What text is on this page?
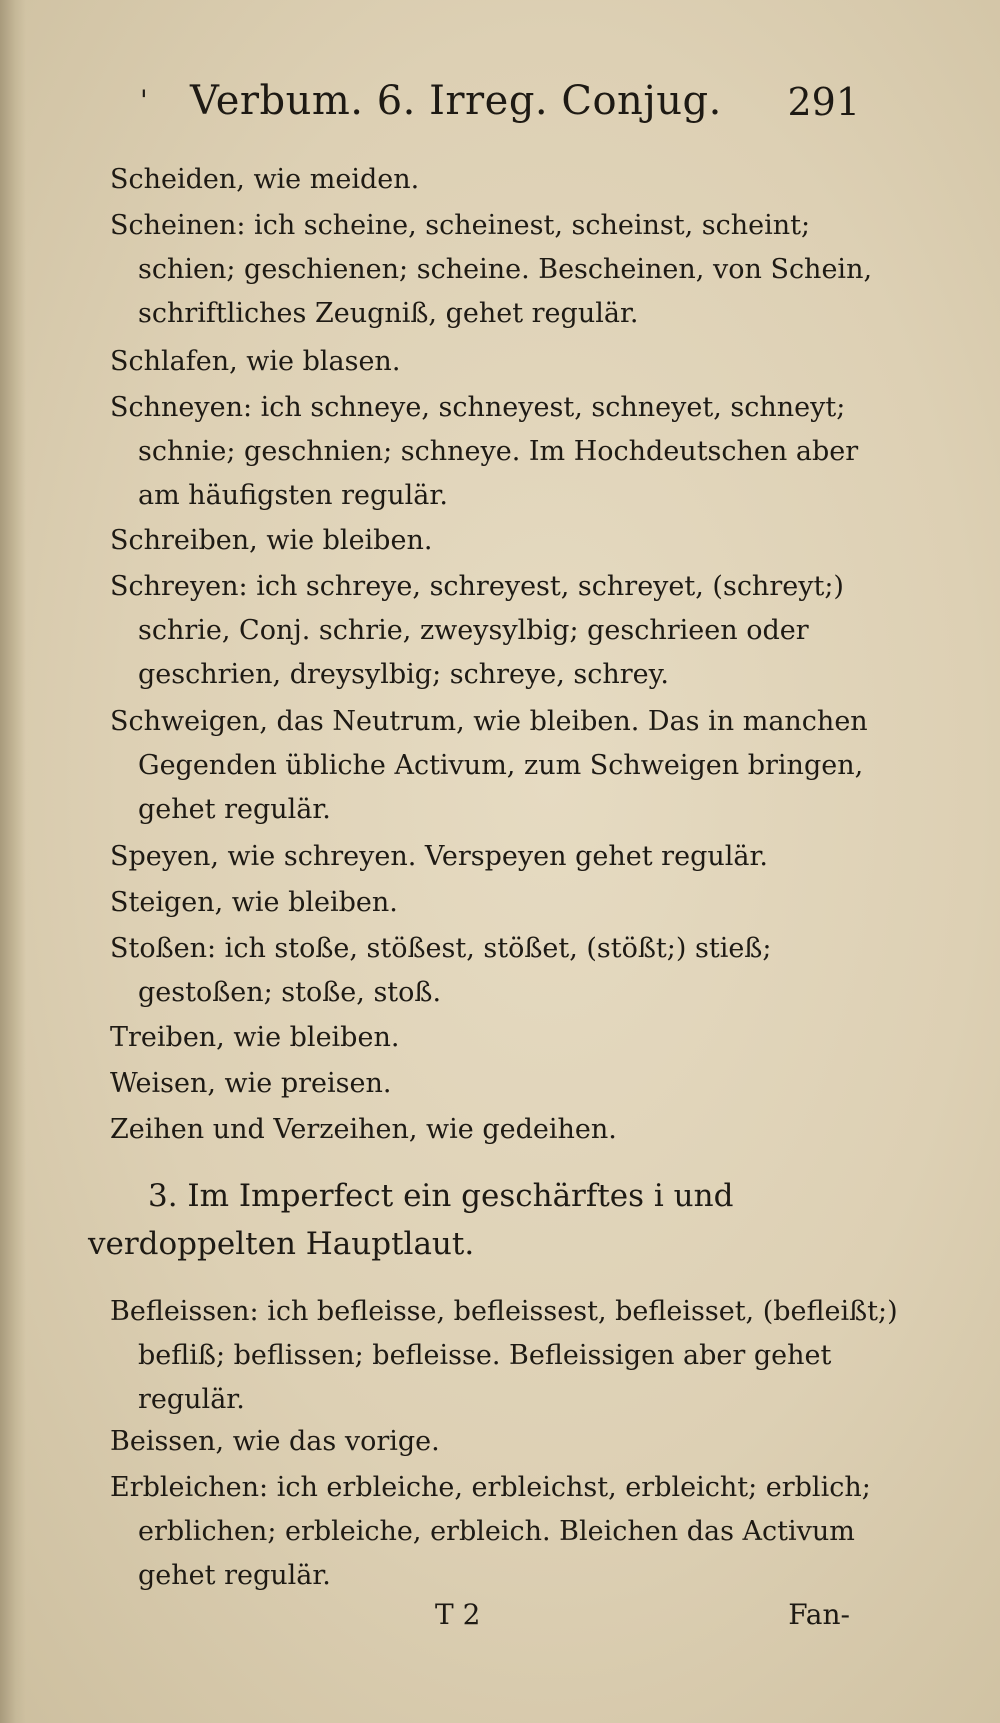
' Verbum. 6. Irreg. Conjug. 291
Scheiden, wie meiden.
Scheinen: ich scheine, scheinest, scheinst, scheint; schien; geschienen; scheine. Bescheinen, von Schein, schriftliches Zeugniß, gehet regulär.
Schlafen, wie blasen.
Schneyen: ich schneye, schneyest, schneyet, schneyt; schnie; geschnien; schneye. Im Hochdeutschen aber am häufigsten regulär.
Schreiben, wie bleiben.
Schreyen: ich schreye, schreyest, schreyet, (schreyt;) schrie, Conj. schrie, zweysylbig; geschrieen oder geschrien, dreysylbig; schreye, schrey.
Schweigen, das Neutrum, wie bleiben. Das in manchen Gegenden übliche Activum, zum Schweigen bringen, gehet regulär.
Speyen, wie schreyen. Verspeyen gehet regulär.
Steigen, wie bleiben.
Stoßen: ich stoße, stößest, stößet, (stößt;) stieß; gestoßen; stoße, stoß.
Treiben, wie bleiben.
Weisen, wie preisen.
Zeihen und Verzeihen, wie gedeihen.
3. Im Imperfect ein geschärftes i und verdoppelten Hauptlaut.
Befleissen: ich befleisse, befleissest, befleisset, (befleißt;) befliß; beflissen; befleisse. Befleissigen aber gehet regulär.
Beissen, wie das vorige.
Erbleichen: ich erbleiche, erbleichst, erbleicht; erblich; erblichen; erbleiche, erbleich. Bleichen das Activum gehet regulär.
T 2	Fan-
